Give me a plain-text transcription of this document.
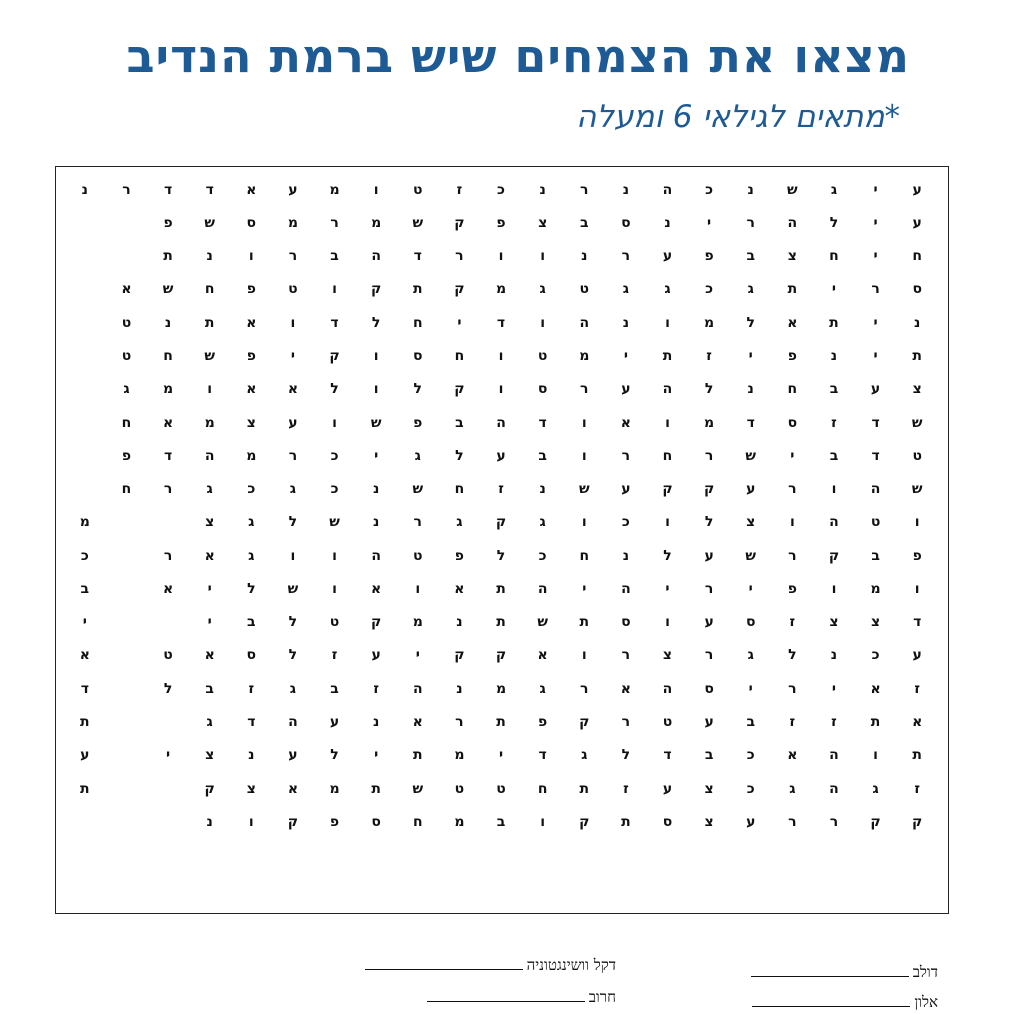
מצאו את הצמחים שיש ברמת הנדיב
*מתאים לגילאי 6 ומעלה
ע
י
ג
ש
נ
כ
ה
נ
ר
נ
כ
ז
ט
ו
מ
ע
א
ד
ד
ר
נ
ע
י
ל
ה
ר
י
נ
ס
ב
צ
פ
ק
ש
מ
ר
מ
ס
ש
פ
ח
י
ח
צ
ב
פ
ע
ר
נ
ו
ו
ר
ד
ה
ב
ר
ו
נ
ת
ס
ר
י
ת
ג
כ
ג
ג
ט
ג
מ
ק
ת
ק
ו
ט
פ
ח
ש
א
נ
י
ת
א
ל
מ
ו
נ
ה
ו
ד
י
ח
ל
ד
ו
א
ת
נ
ט
ת
י
נ
פ
י
ז
ת
י
מ
ט
ו
ח
ס
ו
ק
י
פ
ש
ח
ט
צ
ע
ב
ח
נ
ל
ה
ע
ר
ס
ו
ק
ל
ו
ל
א
א
ו
מ
ג
ש
ד
ז
ס
ד
מ
ו
א
ו
ד
ה
ב
פ
ש
ו
ע
צ
מ
א
ח
ט
ד
ב
י
ש
ר
ח
ר
ו
ב
ע
ל
ג
י
כ
ר
מ
ה
ד
פ
ש
ה
ו
ר
ע
ק
ק
ע
ש
נ
ז
ח
ש
נ
כ
ג
כ
ג
ר
ח
ו
ט
ה
ו
צ
ל
ו
כ
ו
ג
ק
ג
ר
נ
ש
ל
ג
צ
מ
פ
ב
ק
ר
ש
ע
ל
נ
ח
כ
ל
פ
ט
ה
ו
ו
ג
א
ר
כ
ו
מ
ו
פ
י
ר
י
ה
י
ה
ת
א
ו
א
ו
ש
ל
י
א
ב
ד
צ
צ
ז
ס
ע
ו
ס
ת
ש
ת
נ
מ
ק
ט
ל
ב
י
י
ע
כ
נ
ל
ג
ר
צ
ר
ו
א
ק
ק
י
ע
ז
ל
ס
א
ט
א
ז
א
י
ר
י
ס
ה
א
ר
ג
מ
נ
ה
ז
ב
ג
ז
ב
ל
ד
א
ת
ז
ז
ב
ע
ט
ר
ק
פ
ת
ר
א
נ
ע
ה
ד
ג
ת
ת
ו
ה
א
כ
ב
ד
ל
ג
ד
י
מ
ת
י
ל
ע
נ
צ
י
ע
ז
ג
ה
ג
כ
צ
ע
ז
ת
ח
ט
ט
ש
ת
מ
א
צ
ק
ת
ק
ק
ר
ר
ע
צ
ס
ת
ק
ו
ב
מ
ח
ס
פ
ק
ו
נ
דולב
אלון
דקל וושינגטוניה
חרוב
